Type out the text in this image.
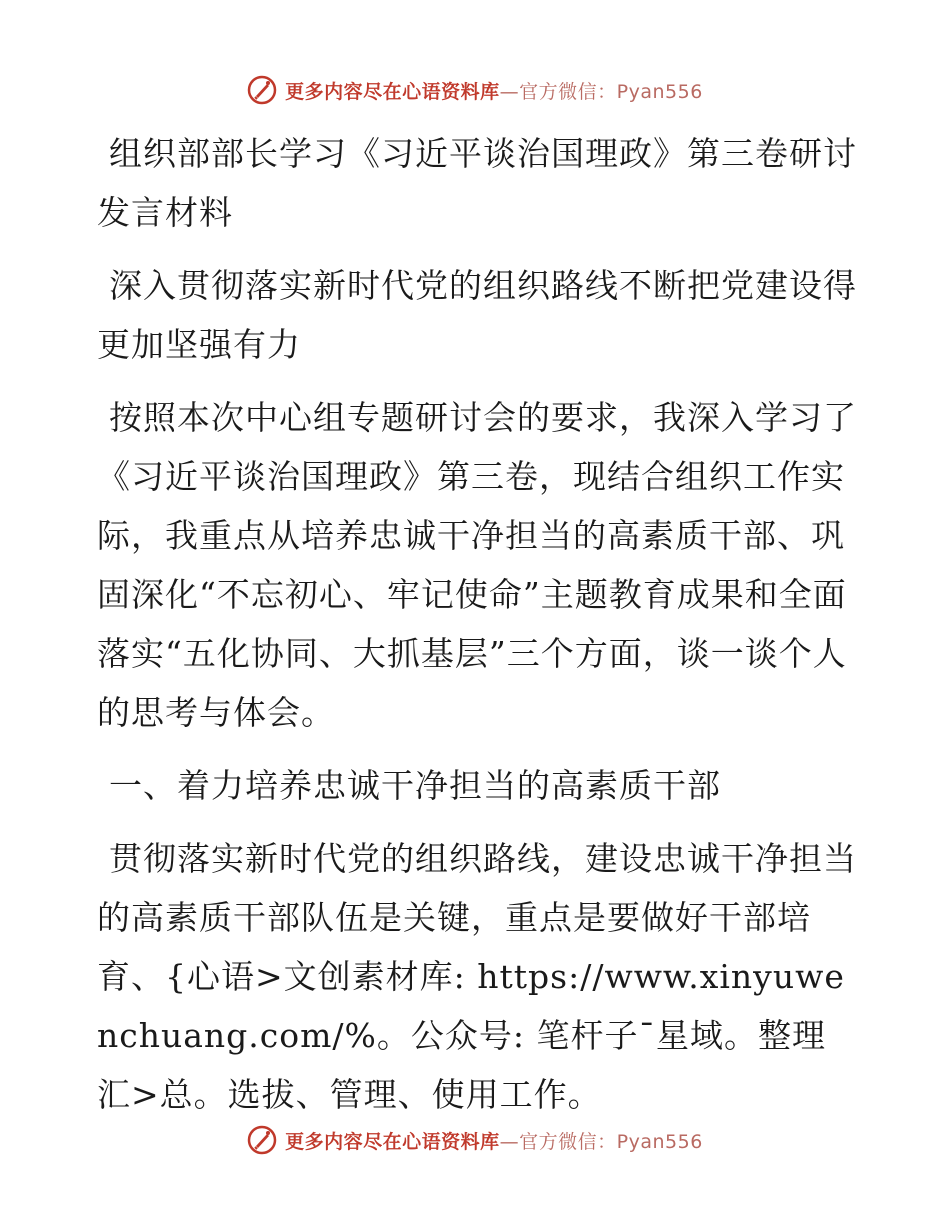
更多内容尽在心语资料库—官方微信：Pyan556

组织部部长学习《习近平谈治国理政》第三卷研讨发言材料

深入贯彻落实新时代党的组织路线不断把党建设得更加坚强有力

按照本次中心组专题研讨会的要求，我深入学习了《习近平谈治国理政》第三卷，现结合组织工作实际，我重点从培养忠诚干净担当的高素质干部、巩固深化“不忘初心、牢记使命”主题教育成果和全面落实“五化协同、大抓基层”三个方面，谈一谈个人的思考与体会。

一、着力培养忠诚干净担当的高素质干部

贯彻落实新时代党的组织路线，建设忠诚干净担当的高素质干部队伍是关键，重点是要做好干部培育、{心语>文创素材库: https://www.xinyuwenchuang.com/%。公众号: 笔杆子¯星域。整理汇>总。选拔、管理、使用工作。

更多内容尽在心语资料库—官方微信：Pyan556
